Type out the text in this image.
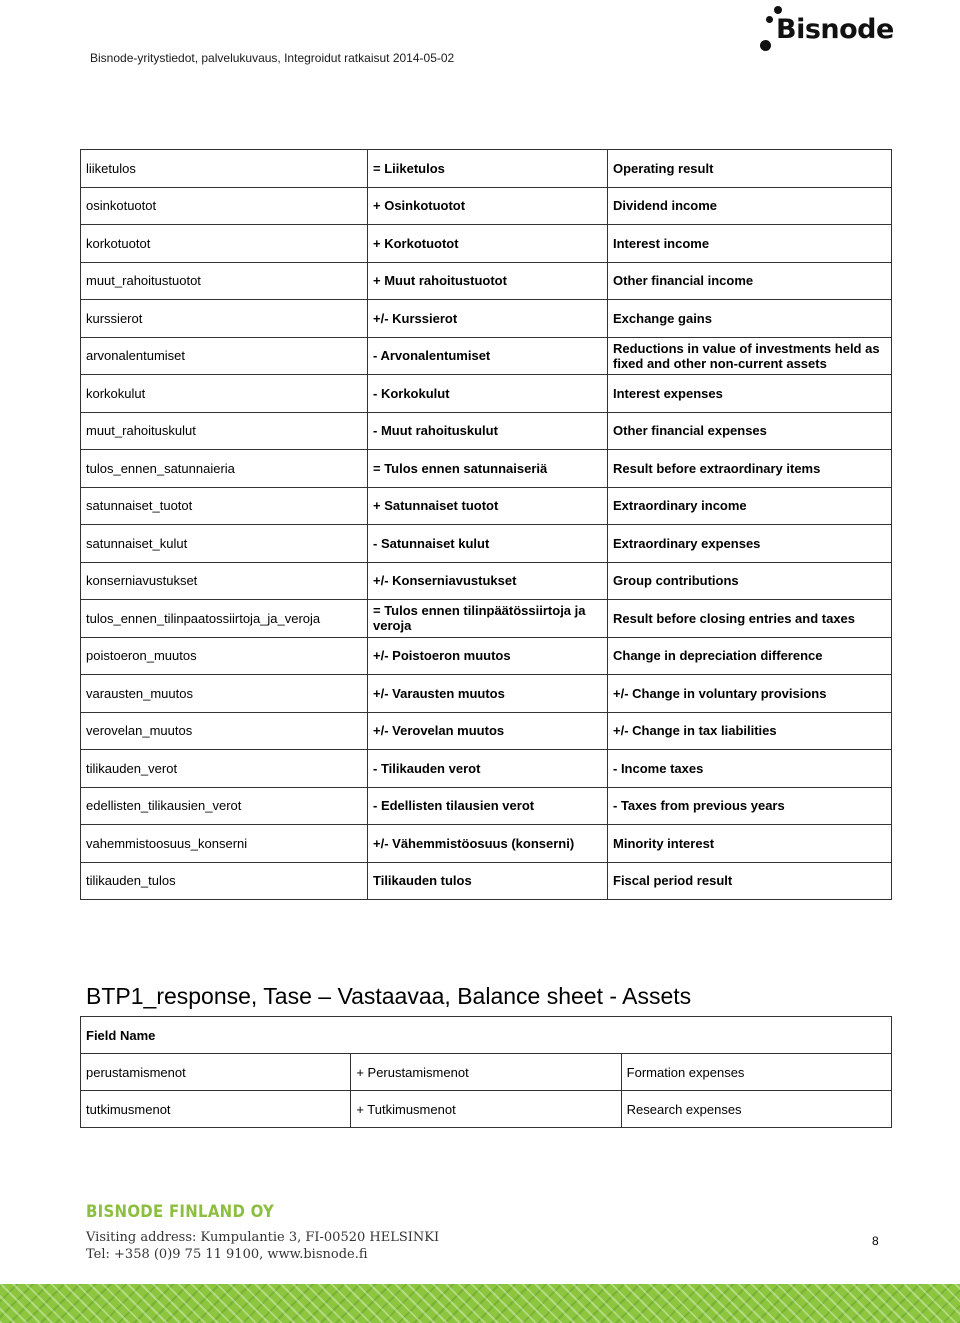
Bisnode-yritystiedot, palvelukuvaus, Integroidut ratkaisut 2014-05-02
Bisnode
liiketulos	= Liiketulos	Operating result
osinkotuotot	+ Osinkotuotot	Dividend income
korkotuotot	+ Korkotuotot	Interest income
muut_rahoitustuotot	+ Muut rahoitustuotot	Other financial income
kurssierot	+/- Kurssierot	Exchange gains
arvonalentumiset	- Arvonalentumiset	Reductions in value of investments held as fixed and other non-current assets
korkokulut	- Korkokulut	Interest expenses
muut_rahoituskulut	- Muut rahoituskulut	Other financial expenses
tulos_ennen_satunnaieria	= Tulos ennen satunnaiseriä	Result before extraordinary items
satunnaiset_tuotot	+ Satunnaiset tuotot	Extraordinary income
satunnaiset_kulut	- Satunnaiset kulut	Extraordinary expenses
konserniavustukset	+/- Konserniavustukset	Group contributions
tulos_ennen_tilinpaatossiirtoja_ja_veroja	= Tulos ennen tilinpäätössiirtoja ja veroja	Result before closing entries and taxes
poistoeron_muutos	+/- Poistoeron muutos	Change in depreciation difference
varausten_muutos	+/- Varausten muutos	+/- Change in voluntary provisions
verovelan_muutos	+/- Verovelan muutos	+/- Change in tax liabilities
tilikauden_verot	- Tilikauden verot	- Income taxes
edellisten_tilikausien_verot	- Edellisten tilausien verot	- Taxes from previous years
vahemmistoosuus_konserni	+/- Vähemmistöosuus (konserni)	Minority interest
tilikauden_tulos	Tilikauden tulos	Fiscal period result
BTP1_response, Tase – Vastaavaa, Balance sheet - Assets
Field Name		
perustamismenot	+ Perustamismenot	Formation expenses
tutkimusmenot	+ Tutkimusmenot	Research expenses
BISNODE FINLAND OY
Visiting address: Kumpulantie 3, FI-00520 HELSINKI
Tel: +358 (0)9 75 11 9100, www.bisnode.fi
8
